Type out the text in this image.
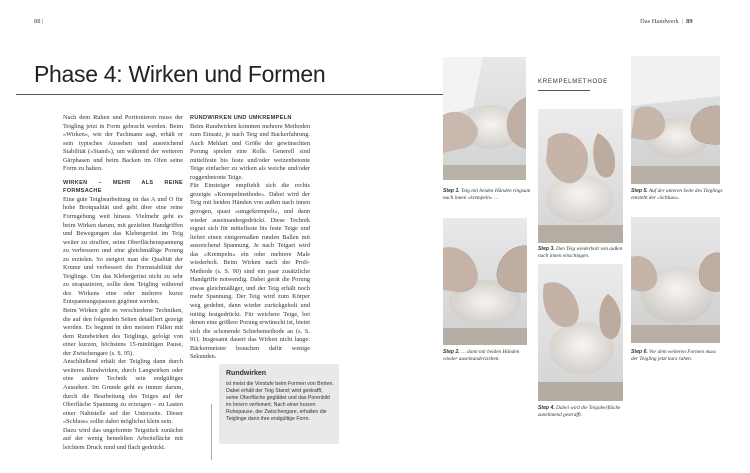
88 |	Das Handwerk | 89
Phase 4: Wirken und Formen

Nach dem Ruhen und Portionieren muss der Teigling jetzt in Form gebracht werden. Beim »Wirken«, wie der Fachmann sagt, erhält er sein typisches Aussehen und ausreichend Stabilität (»Stand«), um während der weiteren Gärphasen und beim Backen im Ofen seine Form zu halten.

WIRKEN – MEHR ALS REINE FORMSACHE

Eine gute Teigbearbeitung ist das A und O für hohe Brotqualität und geht über eine reine Formgebung weit hinaus. Vielmehr geht es beim Wirken darum, mit gezielten Handgriffen und Bewegungen das Klebergerüst im Teig weiter zu straffen, seine Oberflächenspannung zu verbessern und eine gleichmäßige Porung zu erzielen. So steigert man die Qualität der Krume und verbessert die Formstabilität der Teiglinge. Um das Klebergerüst nicht zu sehr zu strapazieren, sollte dem Teigling während des Wirkens eine oder mehrere kurze Entspannungspausen gegönnt werden.

Beim Wirken gibt es verschiedene Techniken, die auf den folgenden Seiten detailliert gezeigt werden. Es beginnt in den meisten Fällen mit dem Rundwirken des Teiglings, gefolgt von einer kurzen, höchstens 15-minütigen Pause, der Zwischengare (s. S. 95).

Anschließend erhält der Teigling dann durch weiteres Rundwirken, durch Langwirken oder eine andere Technik sein endgültiges Aussehen. Im Grunde geht es immer darum, durch die Bearbeitung des Teiges auf der Oberfläche Spannung zu erzeugen – zu Lasten einer Nahtstelle auf der Unterseite. Dieser »Schluss« sollte dabei möglichst klein sein.

Dazu wird das ungeformte Teigstück zunächst auf der wenig bemehlten Arbeitsfläche mit leichtem Druck rund und flach gedrückt.

RUNDWIRKEN UND UMKREMPELN

Beim Rundwirken kommen mehrere Methoden zum Einsatz, je nach Teig und Backerfahrung. Auch Mehlart und Größe der gewünschten Porung spielen eine Rolle. Generell sind mittelfeste bis feste und/oder weizenbetonte Teige einfacher zu wirken als weiche und/oder roggenbetonte Teige.

Für Einsteiger empfiehlt sich die rechts gezeigte »Krempelmethode«. Dabei wird der Teig mit beiden Händen von außen nach innen gezogen, quasi »umgekrempelt«, und dann wieder auseinandergedrückt. Diese Technik eignet sich für mittelfeste bis feste Teige und liefert einen einigermaßen runden Ballen mit ausreichend Spannung. Je nach Teigart wird das »Krempeln« ein oder mehrere Male wiederholt. Beim Wirken nach der Profi-Methode (s. S. 90) sind ein paar zusätzliche Handgriffe notwendig. Dabei gerät die Porung etwas gleichmäßiger, und der Teig erhält noch mehr Spannung. Der Teig wird zum Körper weg gedehnt, dann wieder zurückgeholt und mittig festgedrückt. Für weichere Teige, bei denen eine größere Porung erwünscht ist, bietet sich die schonende Schiebemethode an (s. S. 91). Insgesamt dauert das Wirken nicht lange: Bäckermeister brauchen dafür wenige Sekunden.

Rundwirken
ist meist die Vorstufe beim Formen von Broten. Dabei erhält der Teig Stand; wird gestrafft, seine Oberfläche geglättet und das Porenbild im Innern verfeinert. Nach einer kurzen Ruhepause, der Zwischengare, erhalten die Teiglinge dann ihre endgültige Form.
KREMPELMETHODE
Step 1. Teig mit beiden Händen ringsum nach innen »krempeln« …
Step 2. … dann mit beiden Händen wieder auseinanderziehen.
Step 3. Den Teig wiederholt von außen nach innen einschlagen.
Step 4. Dabei wird die Teigoberfläche zunehmend gestrafft.
Step 5. Auf der unteren Seite des Teiglings entsteht der »Schluss«.
Step 6. Vor dem weiteren Formen muss der Teigling jetzt kurz ruhen.
